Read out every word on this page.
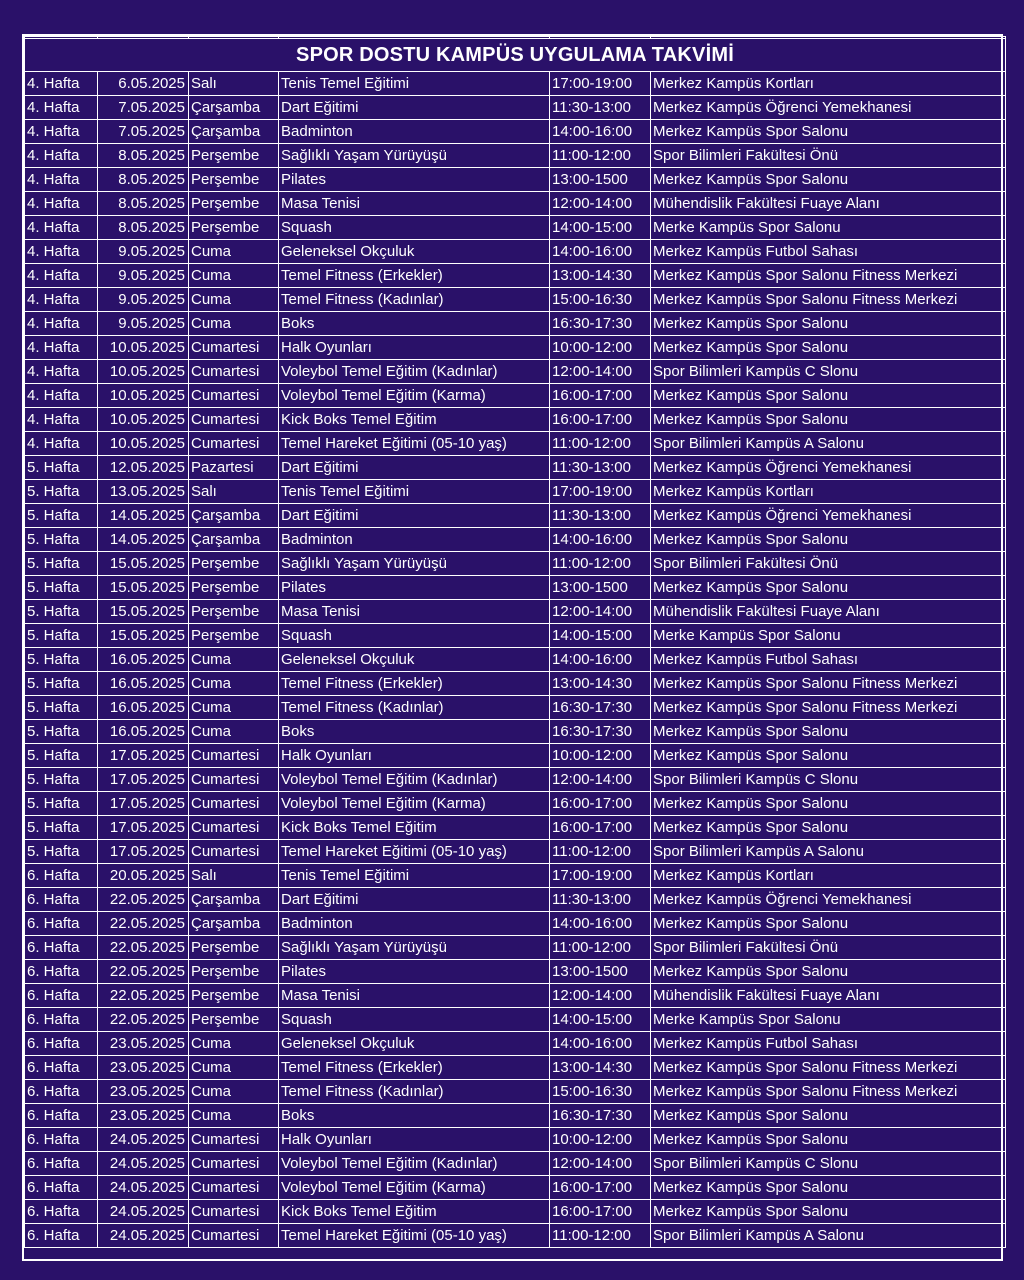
SPOR DOSTU KAMPÜS UYGULAMA TAKVİMİ					
4. Hafta	6.05.2025	Salı	Tenis Temel Eğitimi	17:00-19:00	Merkez Kampüs Kortları
4. Hafta	7.05.2025	Çarşamba	Dart Eğitimi	11:30-13:00	Merkez Kampüs Öğrenci Yemekhanesi
4. Hafta	7.05.2025	Çarşamba	Badminton	14:00-16:00	Merkez Kampüs Spor Salonu
4. Hafta	8.05.2025	Perşembe	Sağlıklı Yaşam Yürüyüşü	11:00-12:00	Spor Bilimleri Fakültesi Önü
4. Hafta	8.05.2025	Perşembe	Pilates	13:00-1500	Merkez Kampüs Spor Salonu
4. Hafta	8.05.2025	Perşembe	Masa Tenisi	12:00-14:00	Mühendislik Fakültesi Fuaye Alanı
4. Hafta	8.05.2025	Perşembe	Squash	14:00-15:00	Merke Kampüs Spor Salonu
4. Hafta	9.05.2025	Cuma	Geleneksel Okçuluk	14:00-16:00	Merkez Kampüs Futbol Sahası
4. Hafta	9.05.2025	Cuma	Temel Fitness (Erkekler)	13:00-14:30	Merkez Kampüs Spor Salonu Fitness Merkezi
4. Hafta	9.05.2025	Cuma	Temel Fitness (Kadınlar)	15:00-16:30	Merkez Kampüs Spor Salonu Fitness Merkezi
4. Hafta	9.05.2025	Cuma	Boks	16:30-17:30	Merkez Kampüs Spor Salonu
4. Hafta	10.05.2025	Cumartesi	Halk Oyunları	10:00-12:00	Merkez Kampüs Spor Salonu
4. Hafta	10.05.2025	Cumartesi	Voleybol Temel Eğitim (Kadınlar)	12:00-14:00	Spor Bilimleri Kampüs C Slonu
4. Hafta	10.05.2025	Cumartesi	Voleybol Temel Eğitim (Karma)	16:00-17:00	Merkez Kampüs Spor Salonu
4. Hafta	10.05.2025	Cumartesi	Kick Boks Temel Eğitim	16:00-17:00	Merkez Kampüs Spor Salonu
4. Hafta	10.05.2025	Cumartesi	Temel Hareket Eğitimi (05-10 yaş)	11:00-12:00	Spor Bilimleri Kampüs A Salonu
5. Hafta	12.05.2025	Pazartesi	Dart Eğitimi	11:30-13:00	Merkez Kampüs Öğrenci Yemekhanesi
5. Hafta	13.05.2025	Salı	Tenis Temel Eğitimi	17:00-19:00	Merkez Kampüs Kortları
5. Hafta	14.05.2025	Çarşamba	Dart Eğitimi	11:30-13:00	Merkez Kampüs Öğrenci Yemekhanesi
5. Hafta	14.05.2025	Çarşamba	Badminton	14:00-16:00	Merkez Kampüs Spor Salonu
5. Hafta	15.05.2025	Perşembe	Sağlıklı Yaşam Yürüyüşü	11:00-12:00	Spor Bilimleri Fakültesi Önü
5. Hafta	15.05.2025	Perşembe	Pilates	13:00-1500	Merkez Kampüs Spor Salonu
5. Hafta	15.05.2025	Perşembe	Masa Tenisi	12:00-14:00	Mühendislik Fakültesi Fuaye Alanı
5. Hafta	15.05.2025	Perşembe	Squash	14:00-15:00	Merke Kampüs Spor Salonu
5. Hafta	16.05.2025	Cuma	Geleneksel Okçuluk	14:00-16:00	Merkez Kampüs Futbol Sahası
5. Hafta	16.05.2025	Cuma	Temel Fitness (Erkekler)	13:00-14:30	Merkez Kampüs Spor Salonu Fitness Merkezi
5. Hafta	16.05.2025	Cuma	Temel Fitness (Kadınlar)	16:30-17:30	Merkez Kampüs Spor Salonu Fitness Merkezi
5. Hafta	16.05.2025	Cuma	Boks	16:30-17:30	Merkez Kampüs Spor Salonu
5. Hafta	17.05.2025	Cumartesi	Halk Oyunları	10:00-12:00	Merkez Kampüs Spor Salonu
5. Hafta	17.05.2025	Cumartesi	Voleybol Temel Eğitim (Kadınlar)	12:00-14:00	Spor Bilimleri Kampüs C Slonu
5. Hafta	17.05.2025	Cumartesi	Voleybol Temel Eğitim (Karma)	16:00-17:00	Merkez Kampüs Spor Salonu
5. Hafta	17.05.2025	Cumartesi	Kick Boks Temel Eğitim	16:00-17:00	Merkez Kampüs Spor Salonu
5. Hafta	17.05.2025	Cumartesi	Temel Hareket Eğitimi (05-10 yaş)	11:00-12:00	Spor Bilimleri Kampüs A Salonu
6. Hafta	20.05.2025	Salı	Tenis Temel Eğitimi	17:00-19:00	Merkez Kampüs Kortları
6. Hafta	22.05.2025	Çarşamba	Dart Eğitimi	11:30-13:00	Merkez Kampüs Öğrenci Yemekhanesi
6. Hafta	22.05.2025	Çarşamba	Badminton	14:00-16:00	Merkez Kampüs Spor Salonu
6. Hafta	22.05.2025	Perşembe	Sağlıklı Yaşam Yürüyüşü	11:00-12:00	Spor Bilimleri Fakültesi Önü
6. Hafta	22.05.2025	Perşembe	Pilates	13:00-1500	Merkez Kampüs Spor Salonu
6. Hafta	22.05.2025	Perşembe	Masa Tenisi	12:00-14:00	Mühendislik Fakültesi Fuaye Alanı
6. Hafta	22.05.2025	Perşembe	Squash	14:00-15:00	Merke Kampüs Spor Salonu
6. Hafta	23.05.2025	Cuma	Geleneksel Okçuluk	14:00-16:00	Merkez Kampüs Futbol Sahası
6. Hafta	23.05.2025	Cuma	Temel Fitness (Erkekler)	13:00-14:30	Merkez Kampüs Spor Salonu Fitness Merkezi
6. Hafta	23.05.2025	Cuma	Temel Fitness (Kadınlar)	15:00-16:30	Merkez Kampüs Spor Salonu Fitness Merkezi
6. Hafta	23.05.2025	Cuma	Boks	16:30-17:30	Merkez Kampüs Spor Salonu
6. Hafta	24.05.2025	Cumartesi	Halk Oyunları	10:00-12:00	Merkez Kampüs Spor Salonu
6. Hafta	24.05.2025	Cumartesi	Voleybol Temel Eğitim (Kadınlar)	12:00-14:00	Spor Bilimleri Kampüs C Slonu
6. Hafta	24.05.2025	Cumartesi	Voleybol Temel Eğitim (Karma)	16:00-17:00	Merkez Kampüs Spor Salonu
6. Hafta	24.05.2025	Cumartesi	Kick Boks Temel Eğitim	16:00-17:00	Merkez Kampüs Spor Salonu
6. Hafta	24.05.2025	Cumartesi	Temel Hareket Eğitimi (05-10 yaş)	11:00-12:00	Spor Bilimleri Kampüs A Salonu
